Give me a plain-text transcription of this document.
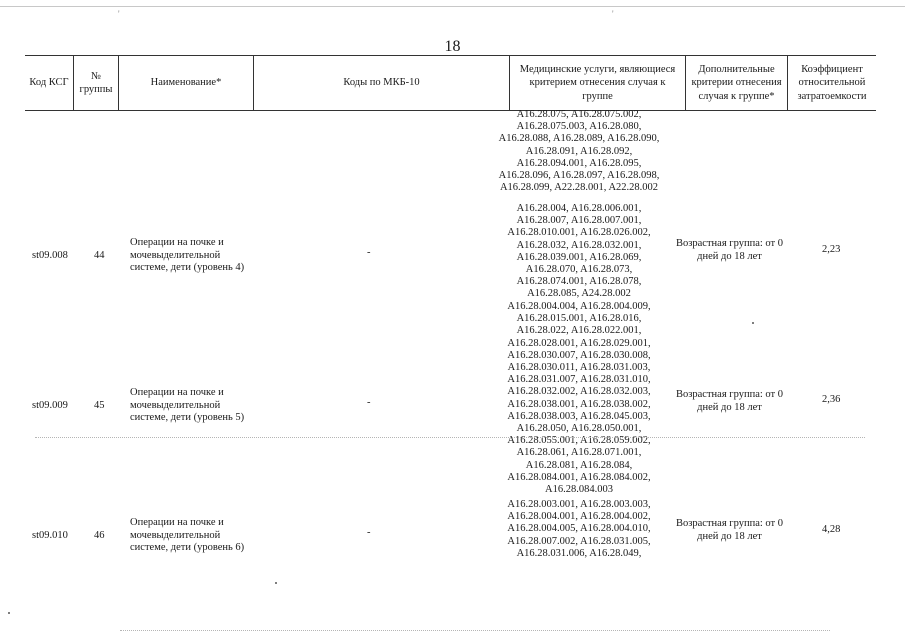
'	'
18
Код КСГ
№ группы
Наименование*	Коды по МКБ-10
Медицинские услуги, являющиеся критерием отнесения случая к группе
Дополнительные критерии отнесения случая к группе*
Коэффициент относительной затратоемкости
A16.28.075, A16.28.075.002,
A16.28.075.003, A16.28.080,
A16.28.088, A16.28.089, A16.28.090,
A16.28.091, A16.28.092,
A16.28.094.001, A16.28.095,
A16.28.096, A16.28.097, A16.28.098,
A16.28.099, A22.28.001, A22.28.002
A16.28.004, A16.28.006.001,
A16.28.007, A16.28.007.001,
A16.28.010.001, A16.28.026.002,
A16.28.032, A16.28.032.001,
A16.28.039.001, A16.28.069,
A16.28.070, A16.28.073,
A16.28.074.001, A16.28.078,
A16.28.085, A24.28.002
st09.008 44
Операции на почке и мочевыделительной системе, дети (уровень 4)
-
Возрастная группа: от 0 дней до 18 лет
2,23
A16.28.004.004, A16.28.004.009,
A16.28.015.001, A16.28.016,
A16.28.022, A16.28.022.001,
A16.28.028.001, A16.28.029.001,
A16.28.030.007, A16.28.030.008,
A16.28.030.011, A16.28.031.003,
A16.28.031.007, A16.28.031.010,
A16.28.032.002, A16.28.032.003,
A16.28.038.001, A16.28.038.002,
A16.28.038.003, A16.28.045.003,
A16.28.050, A16.28.050.001,
A16.28.055.001, A16.28.059.002,
A16.28.061, A16.28.071.001,
A16.28.081, A16.28.084,
A16.28.084.001, A16.28.084.002,
A16.28.084.003
st09.009 45
Операции на почке и мочевыделительной системе, дети (уровень 5)
-
Возрастная группа: от 0 дней до 18 лет
2,36
A16.28.003.001, A16.28.003.003,
A16.28.004.001, A16.28.004.002,
A16.28.004.005, A16.28.004.010,
A16.28.007.002, A16.28.031.005,
A16.28.031.006, A16.28.049,
st09.010 46
Операции на почке и мочевыделительной системе, дети (уровень 6)
-
Возрастная группа: от 0 дней до 18 лет
4,28
